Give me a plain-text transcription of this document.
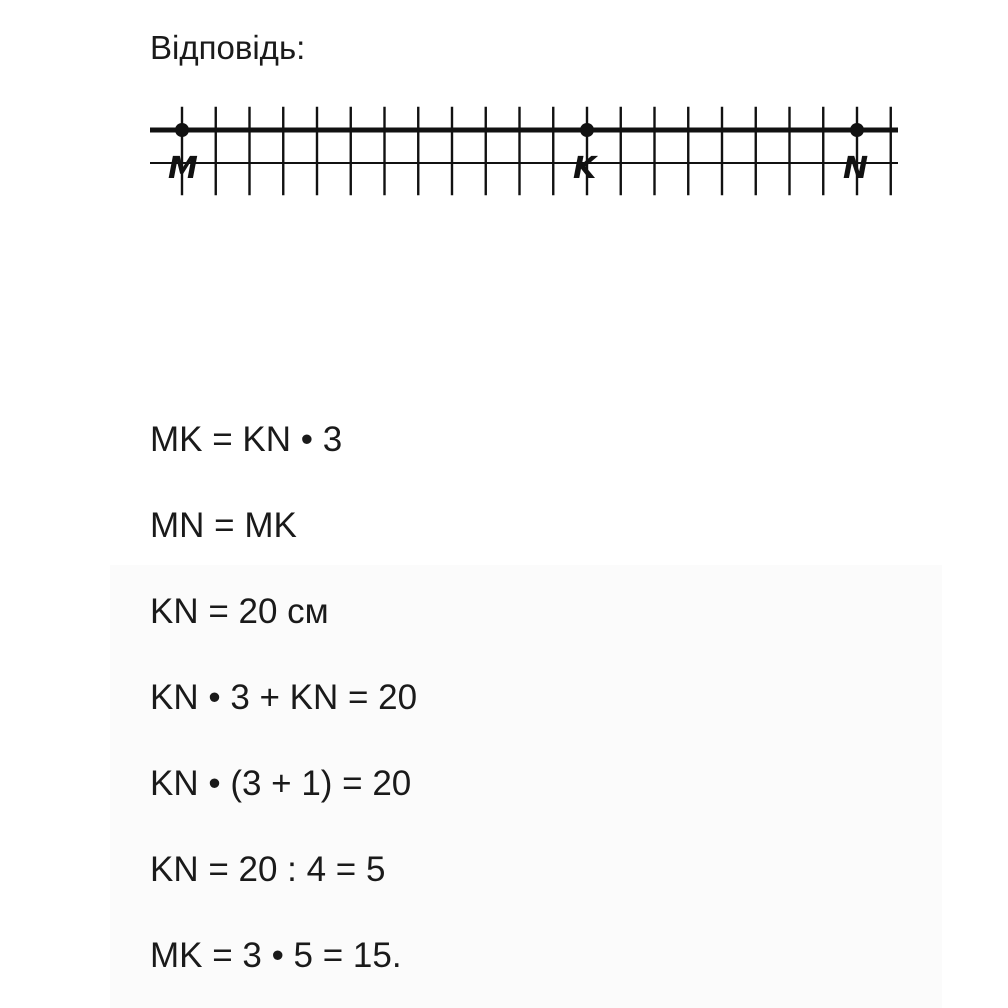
Відповідь:
M	K	N
MK = KN • 3
MN = MK
KN = 20 см
KN • 3 + KN = 20
KN • (3 + 1) = 20
KN = 20 : 4 = 5
MK = 3 • 5 = 15.
